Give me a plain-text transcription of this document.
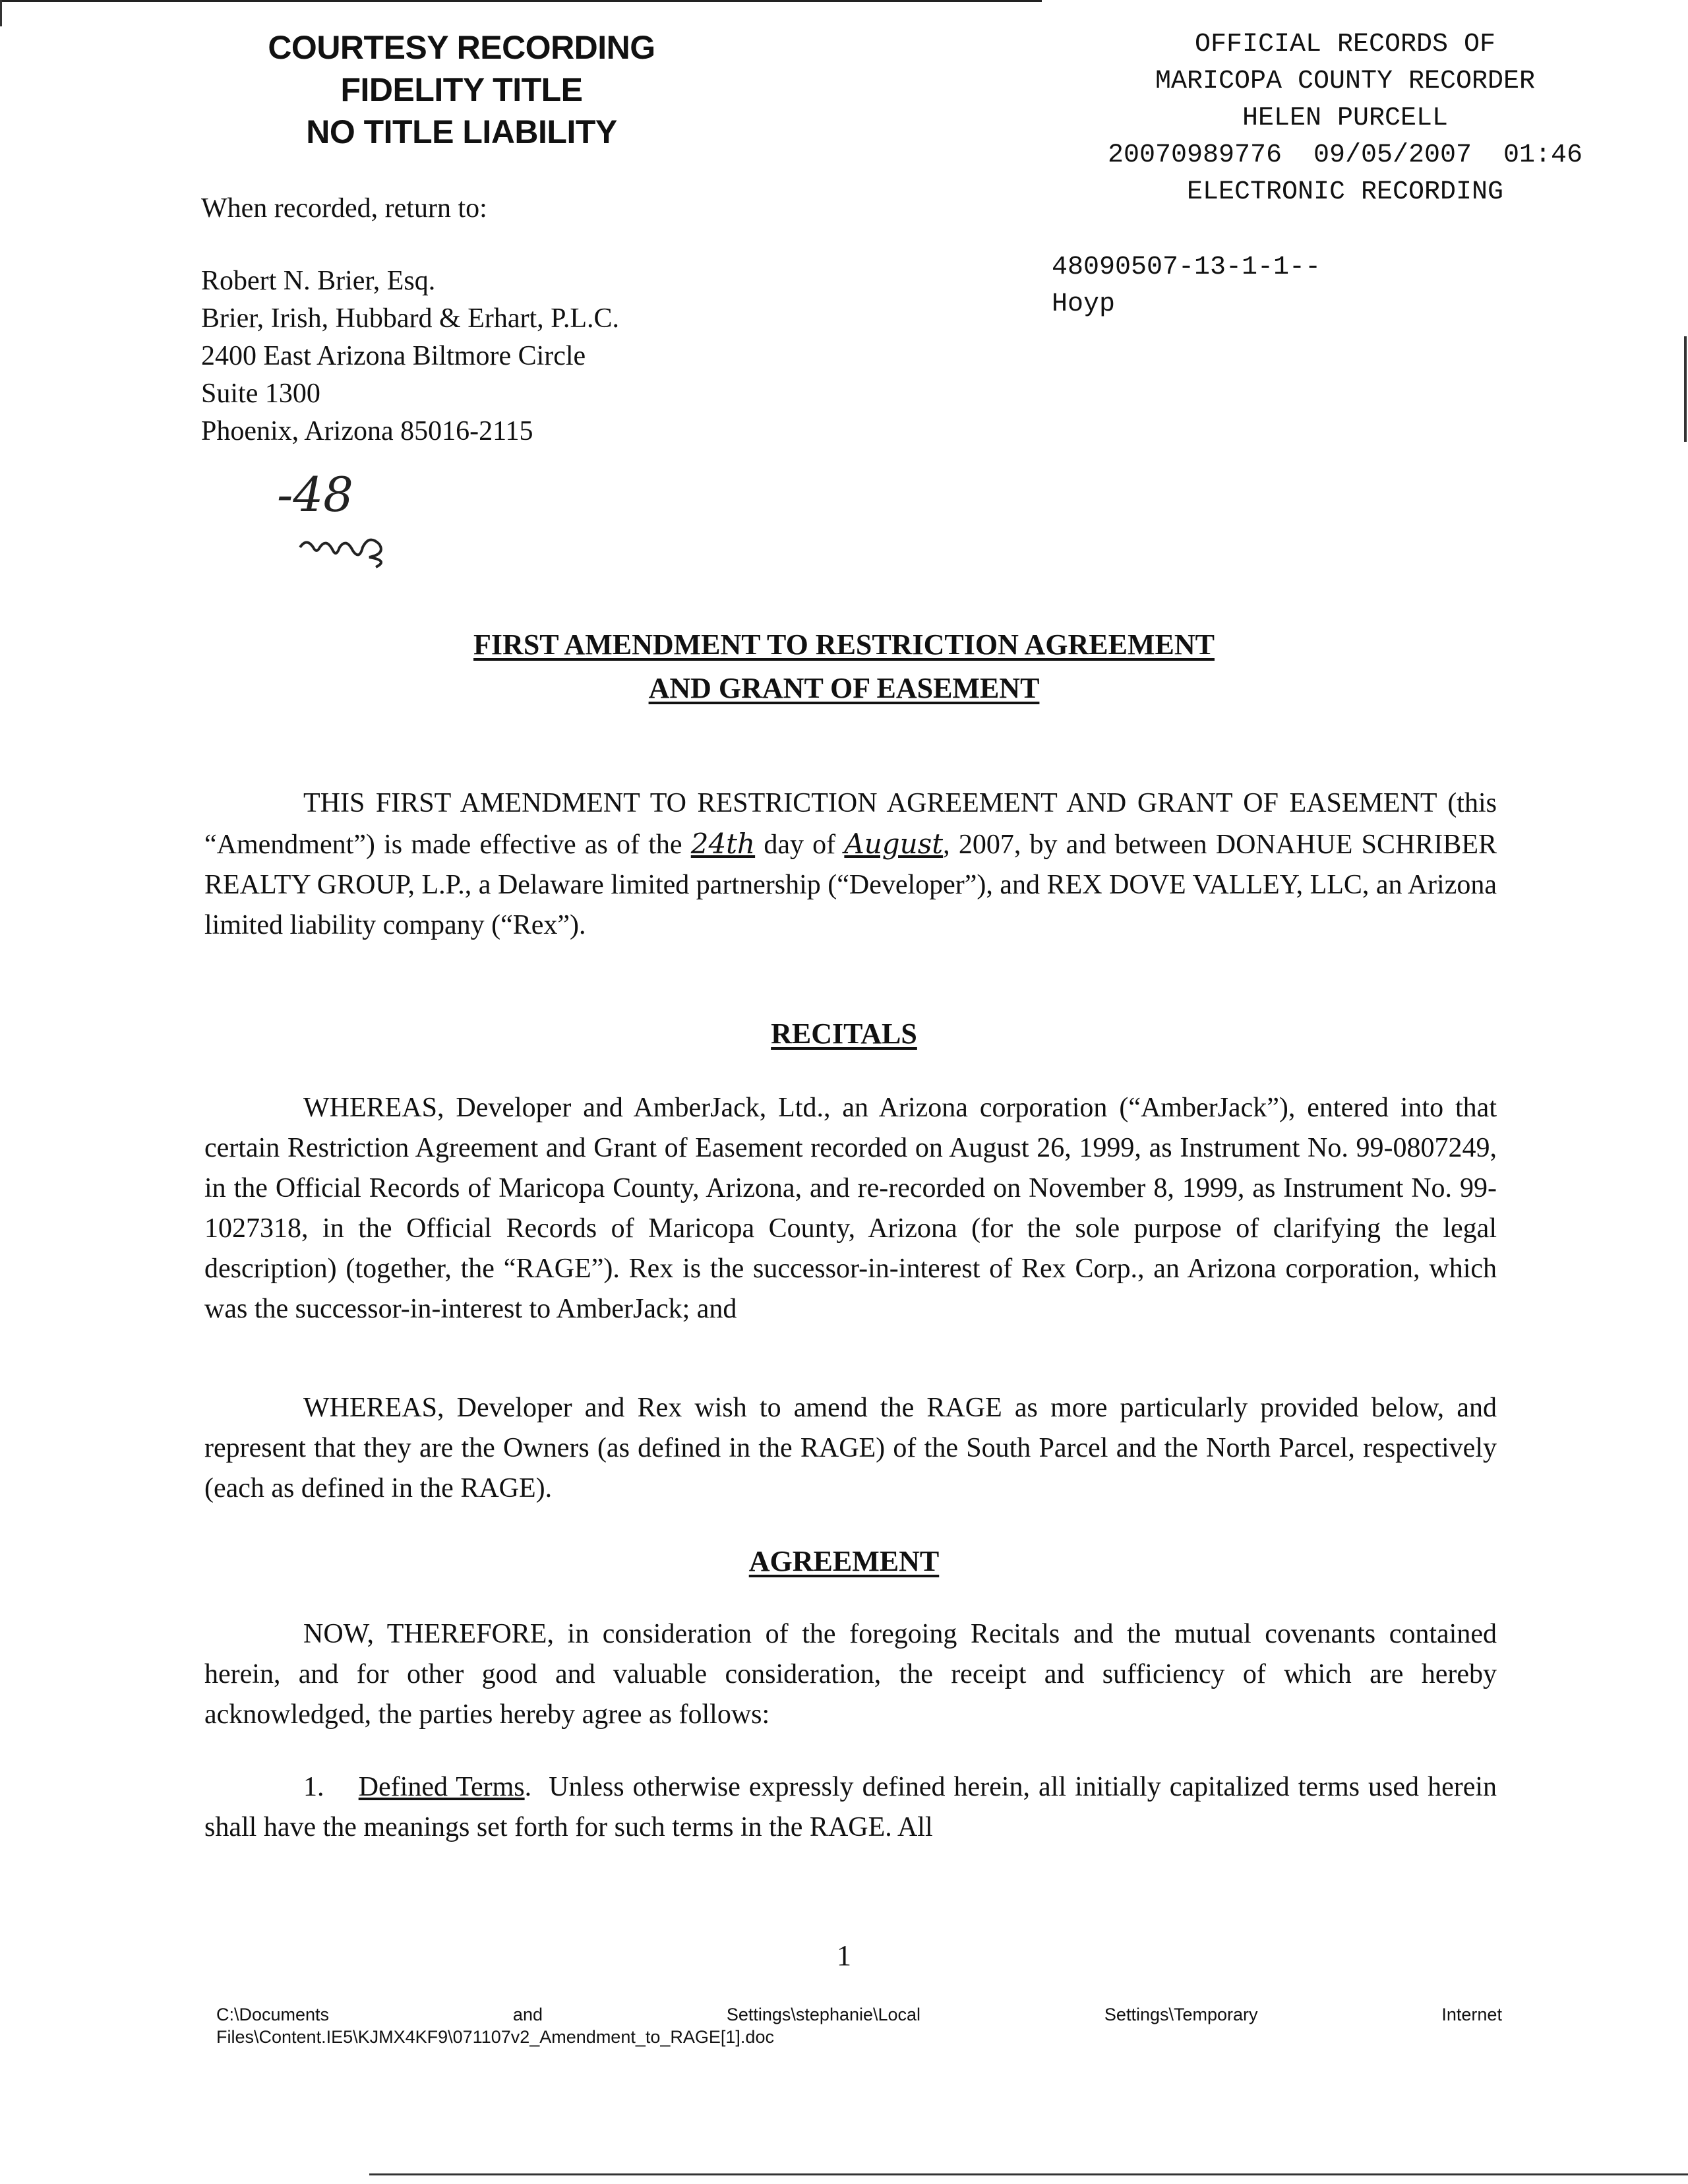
COURTESY RECORDING
FIDELITY TITLE
NO TITLE LIABILITY
OFFICIAL RECORDS OF
MARICOPA COUNTY RECORDER
HELEN PURCELL
20070989776  09/05/2007  01:46
ELECTRONIC RECORDING
48090507-13-1-1--
Hoyp
When recorded, return to:
Robert N. Brier, Esq.
Brier, Irish, Hubbard & Erhart, P.L.C.
2400 East Arizona Biltmore Circle
Suite 1300
Phoenix, Arizona 85016-2115
-48
FIRST AMENDMENT TO RESTRICTION AGREEMENT
AND GRANT OF EASEMENT
THIS FIRST AMENDMENT TO RESTRICTION AGREEMENT AND GRANT OF EASEMENT (this “Amendment”) is made effective as of the 24th day of August, 2007, by and between DONAHUE SCHRIBER REALTY GROUP, L.P., a Delaware limited partnership (“Developer”), and REX DOVE VALLEY, LLC, an Arizona limited liability company (“Rex”).
RECITALS
WHEREAS, Developer and AmberJack, Ltd., an Arizona corporation (“AmberJack”), entered into that certain Restriction Agreement and Grant of Easement recorded on August 26, 1999, as Instrument No. 99-0807249, in the Official Records of Maricopa County, Arizona, and re-recorded on November 8, 1999, as Instrument No. 99-1027318, in the Official Records of Maricopa County, Arizona (for the sole purpose of clarifying the legal description) (together, the “RAGE”). Rex is the successor-in-interest of Rex Corp., an Arizona corporation, which was the successor-in-interest to AmberJack; and
WHEREAS, Developer and Rex wish to amend the RAGE as more particularly provided below, and represent that they are the Owners (as defined in the RAGE) of the South Parcel and the North Parcel, respectively (each as defined in the RAGE).
AGREEMENT
NOW, THEREFORE, in consideration of the foregoing Recitals and the mutual covenants contained herein, and for other good and valuable consideration, the receipt and sufficiency of which are hereby acknowledged, the parties hereby agree as follows:
1. Defined Terms.  Unless otherwise expressly defined herein, all initially capitalized terms used herein shall have the meanings set forth for such terms in the RAGE. All
1
C:\Documents	and	Settings\stephanie\Local	Settings\Temporary	Internet
Files\Content.IE5\KJMX4KF9\071107v2_Amendment_to_RAGE[1].doc
